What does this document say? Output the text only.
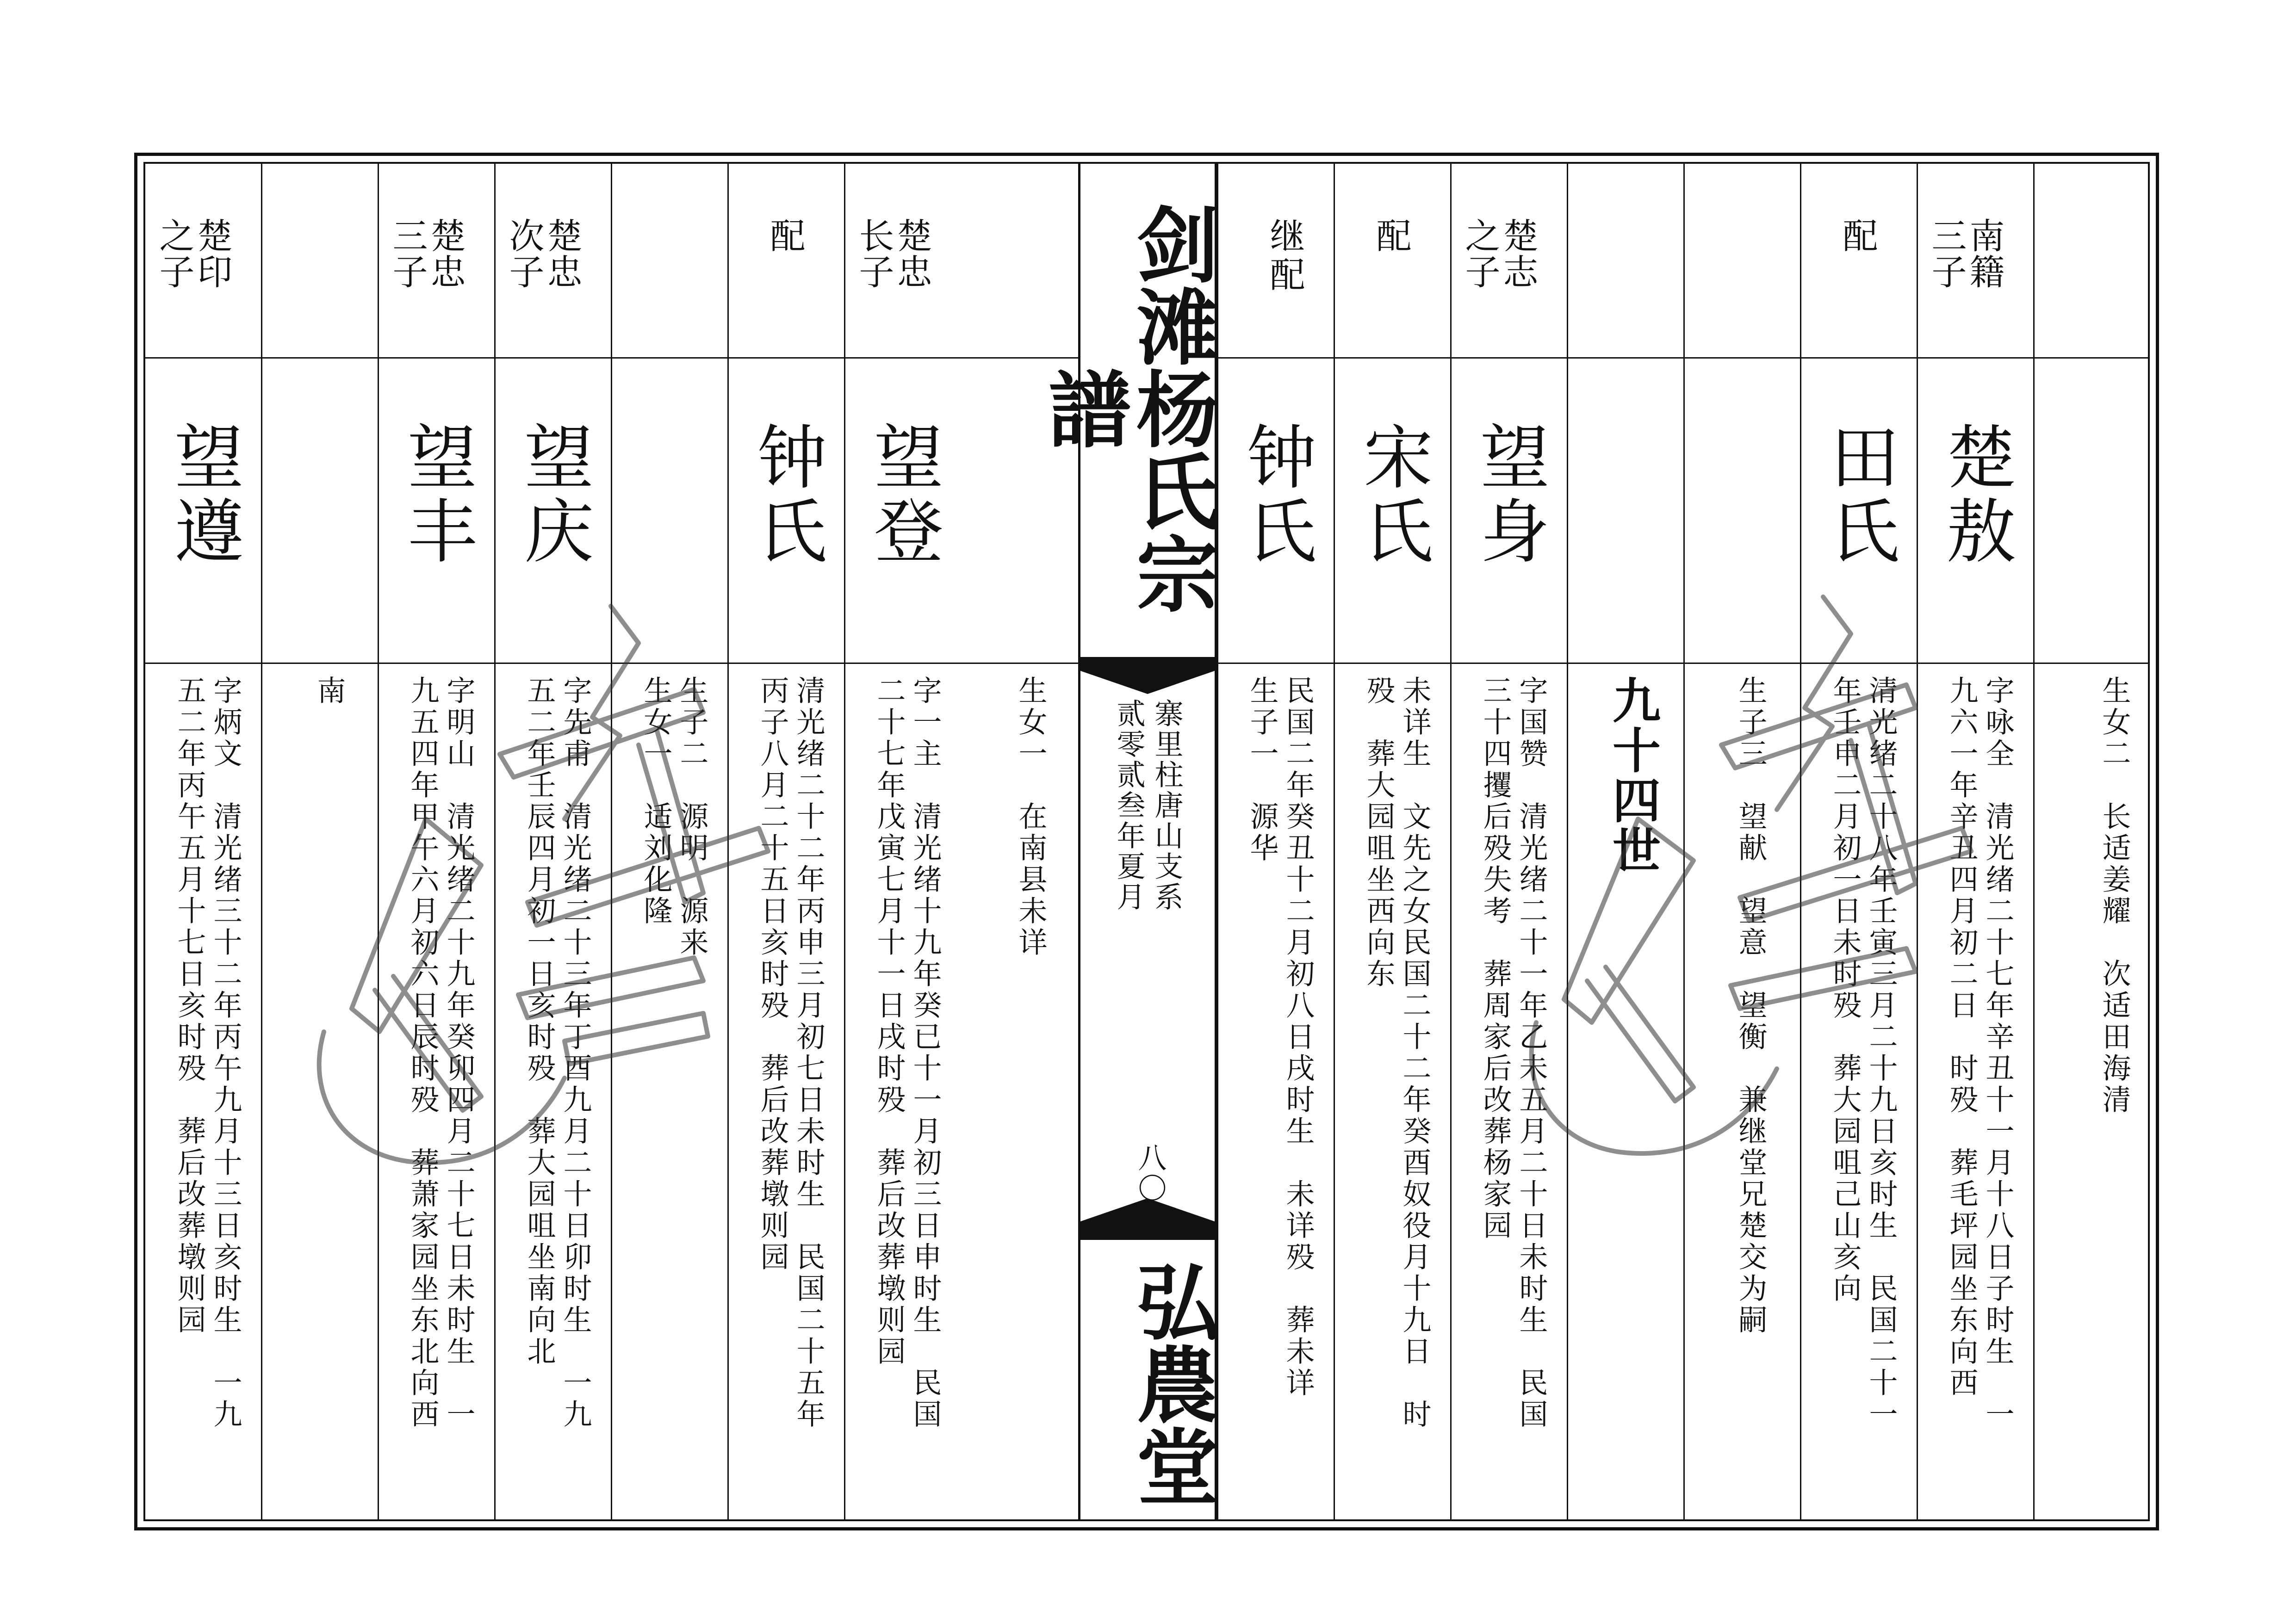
生女二　长适姜耀　次适田海清
南籍
三子
楚敖
字咏全　清光绪二十七年辛丑十一月十八日子时生　一
九六一年辛丑四月初二日　时殁　葬毛坪园坐东向西
配
田氏
清光绪二十八年壬寅三月二十九日亥时生　民国二十一
年壬申二月初一日未时殁　葬大园咀己山亥向
生子三　望献　望意　望衡　兼继堂兄楚交为嗣
九十四世
楚志
之子
望身
字国赞　清光绪二十一年乙未五月二十日未时生　民国
三十四攫后殁失考　葬周家后改葬杨家园
配
宋氏
未详生　文先之女民国二十二年癸酉奴役月十九日　时
殁　葬大园咀坐西向东
继
配
钟氏
民国二年癸丑十二月初八日戌时生　未详殁　葬未详
生子一　源华
剑滩杨氏宗譜
寨里柱唐山支系
贰零贰叁年夏月
八〇
弘農堂
生女一　在南县未详
楚忠
长子
望登
字一主　清光绪十九年癸已十一月初三日申时生　民国
二十七年戊寅七月十一日戌时殁　葬后改葬墩则园
配
钟氏
清光绪二十二年丙申三月初七日未时生　民国二十五年
丙子八月二十五日亥时殁　葬后改葬墩则园
生子二　源明　源来
生女一　适刘化隆
楚忠
次子
望庆
字先甫　清光绪二十三年丁酉九月二十日卯时生　一九
五二年壬辰四月初一日亥时殁　葬大园咀坐南向北
楚忠
三子
望丰
字明山　清光绪二十九年癸卯四月二十七日未时生　一
九五四年甲午六月初六日辰时殁　葬萧家园坐东北向西
南
楚印
之子
望遵
字炳文　清光绪三十二年丙午九月十三日亥时生　一九
五二年丙午五月十七日亥时殁　葬后改葬墩则园
